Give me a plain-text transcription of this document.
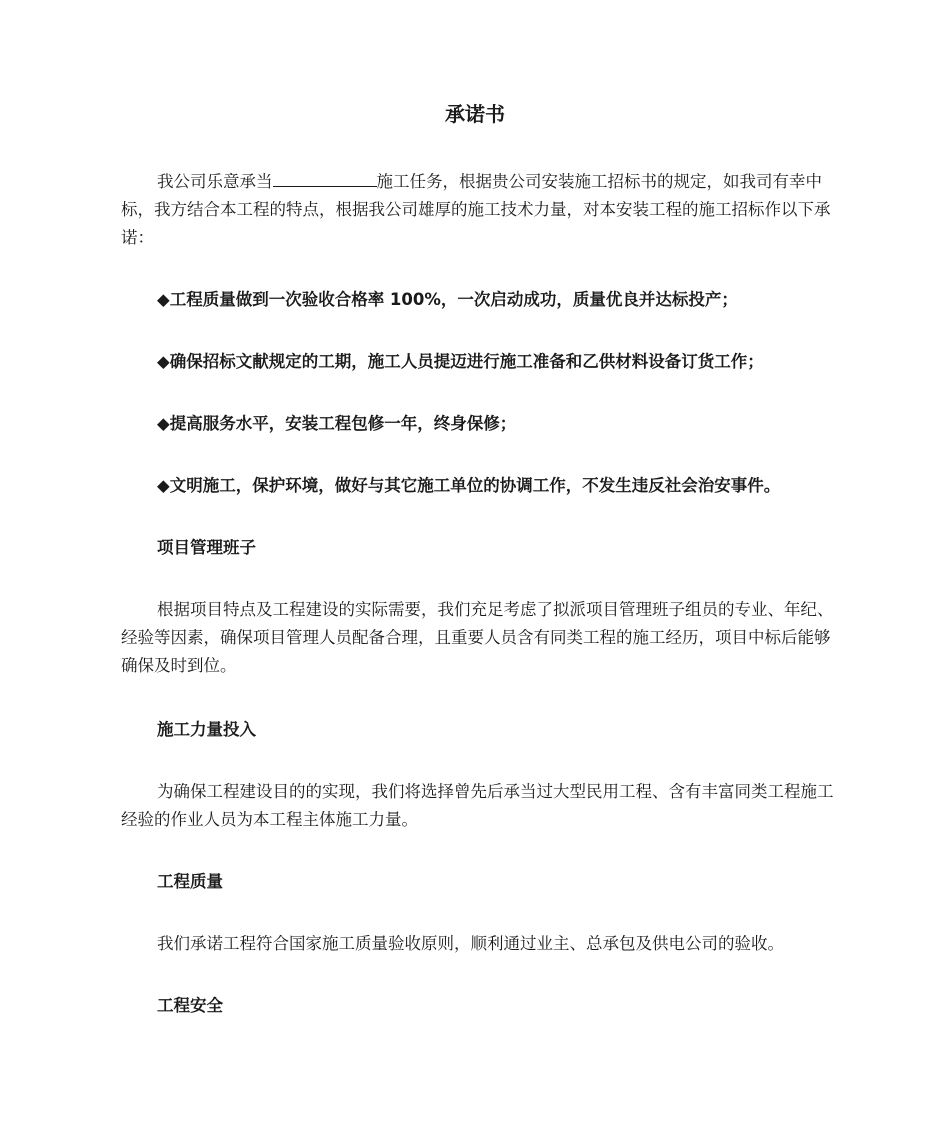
承诺书

我公司乐意承当	施工任务，根据贵公司安装施工招标书的规定，如我司有幸中标，我方结合本工程的特点，根据我公司雄厚的施工技术力量，对本安装工程的施工招标作以下承诺：

◆工程质量做到一次验收合格率 100%，一次启动成功，质量优良并达标投产；

◆确保招标文献规定的工期，施工人员提迈进行施工准备和乙供材料设备订货工作；

◆提高服务水平，安装工程包修一年，终身保修；

◆文明施工，保护环境，做好与其它施工单位的协调工作，不发生违反社会治安事件。

项目管理班子

根据项目特点及工程建设的实际需要，我们充足考虑了拟派项目管理班子组员的专业、年纪、经验等因素，确保项目管理人员配备合理，且重要人员含有同类工程的施工经历，项目中标后能够确保及时到位。

施工力量投入

为确保工程建设目的的实现，我们将选择曾先后承当过大型民用工程、含有丰富同类工程施工经验的作业人员为本工程主体施工力量。

工程质量

我们承诺工程符合国家施工质量验收原则，顺利通过业主、总承包及供电公司的验收。

工程安全
